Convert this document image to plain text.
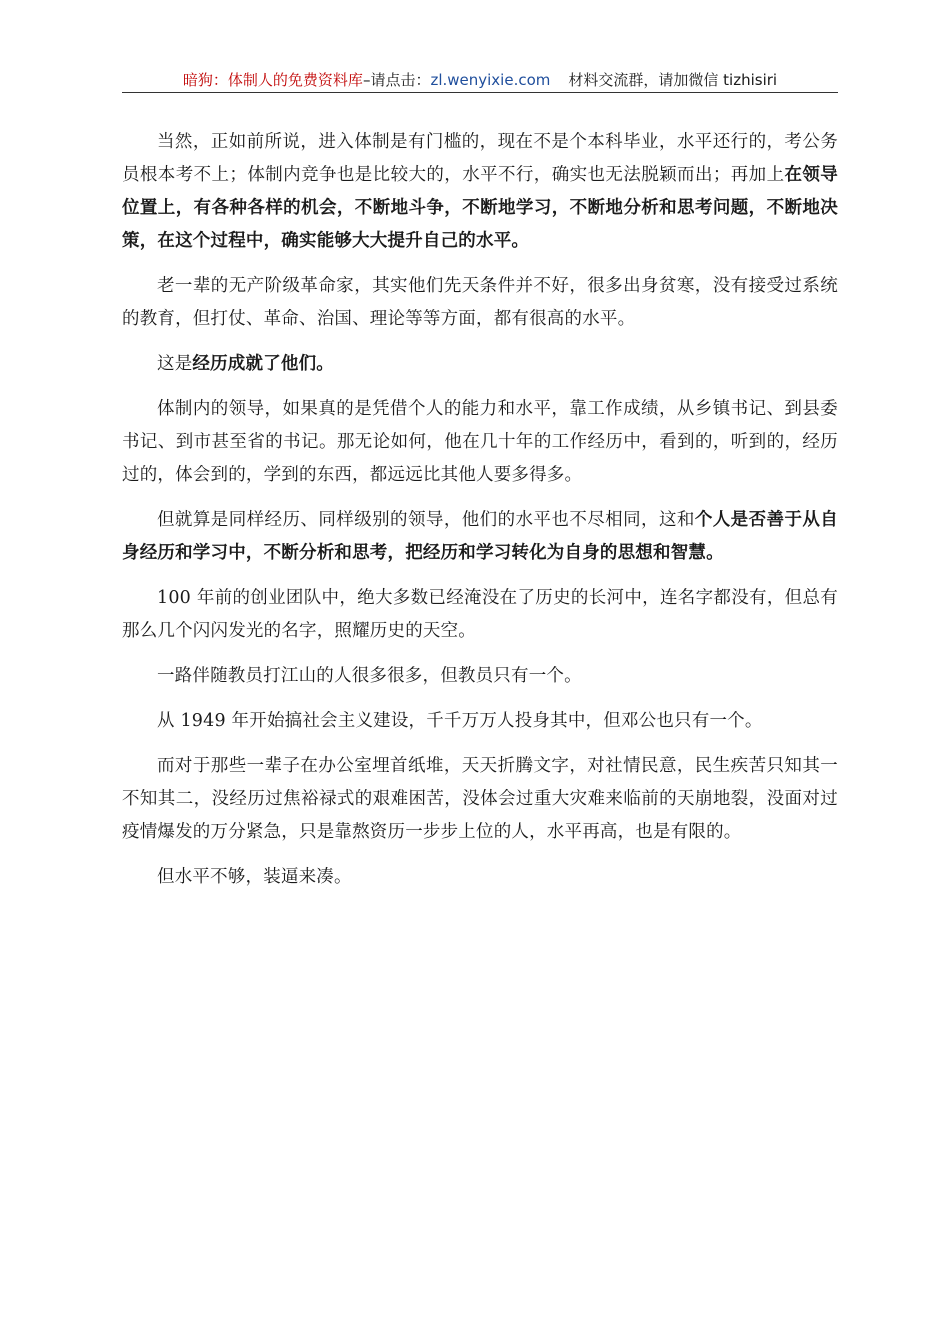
暗狗：体制人的免费资料库–请点击：zl.wenyixie.com 材料交流群，请加微信 tizhisiri

当然，正如前所说，进入体制是有门槛的，现在不是个本科毕业，水平还行的，考公务员根本考不上；体制内竞争也是比较大的，水平不行，确实也无法脱颖而出；再加上在领导位置上，有各种各样的机会，不断地斗争，不断地学习，不断地分析和思考问题，不断地决策，在这个过程中，确实能够大大提升自己的水平。

老一辈的无产阶级革命家，其实他们先天条件并不好，很多出身贫寒，没有接受过系统的教育，但打仗、革命、治国、理论等等方面，都有很高的水平。

这是经历成就了他们。

体制内的领导，如果真的是凭借个人的能力和水平，靠工作成绩，从乡镇书记、到县委书记、到市甚至省的书记。那无论如何，他在几十年的工作经历中，看到的，听到的，经历过的，体会到的，学到的东西，都远远比其他人要多得多。

但就算是同样经历、同样级别的领导，他们的水平也不尽相同，这和个人是否善于从自身经历和学习中，不断分析和思考，把经历和学习转化为自身的思想和智慧。

100 年前的创业团队中，绝大多数已经淹没在了历史的长河中，连名字都没有，但总有那么几个闪闪发光的名字，照耀历史的天空。

一路伴随教员打江山的人很多很多，但教员只有一个。

从 1949 年开始搞社会主义建设，千千万万人投身其中，但邓公也只有一个。

而对于那些一辈子在办公室埋首纸堆，天天折腾文字，对社情民意，民生疾苦只知其一不知其二，没经历过焦裕禄式的艰难困苦，没体会过重大灾难来临前的天崩地裂，没面对过疫情爆发的万分紧急，只是靠熬资历一步步上位的人，水平再高，也是有限的。

但水平不够，装逼来凑。
